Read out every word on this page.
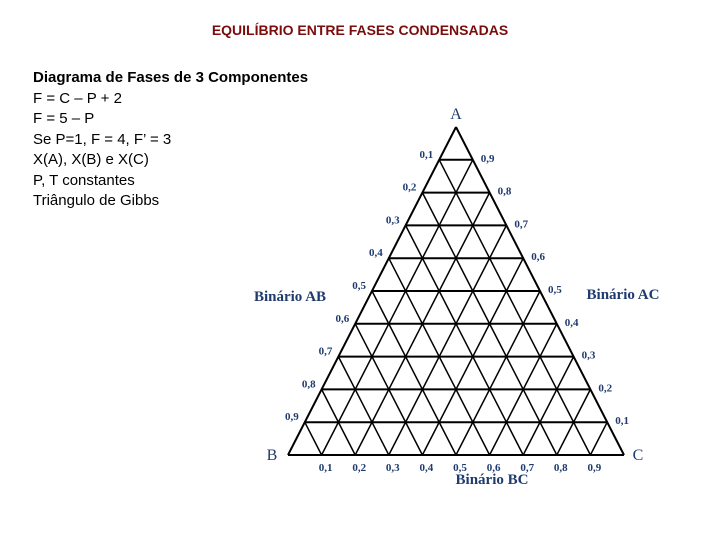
EQUILÍBRIO ENTRE FASES CONDENSADAS
Diagrama de Fases de 3 Componentes
F = C – P + 2
F = 5 – P
Se P=1, F = 4, F’ = 3
X(A), X(B) e X(C)
P, T constantes
Triângulo de Gibbs
0,1
0,2
0,3
0,4
0,5
0,6
0,7
0,8
0,9
0,9
0,8
0,7
0,6
0,5
0,4
0,3
0,2
0,1
0,1 0,2 0,3 0,4 0,5 0,6 0,7 0,8 0,9
A
B	C
Binário AB	Binário AC
Binário BC
